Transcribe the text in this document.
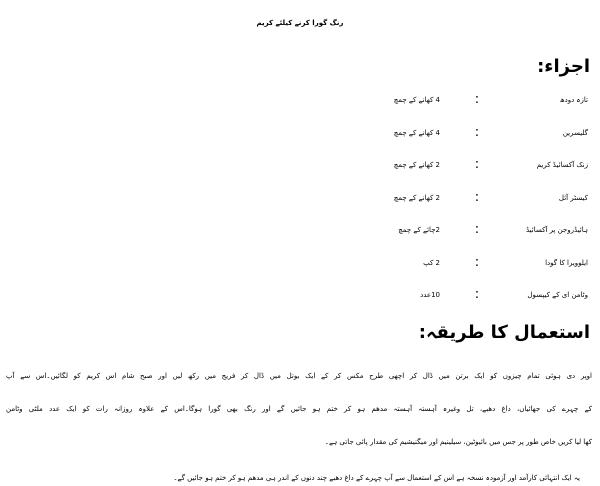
رنگ گورا کرنے کیلئے کریم
اجزاء:
تازہ دودھ
:
4 کھانے کے چمچ
گلیسرین
:
4 کھانے کے چمچ
زنک آکسائیڈ کریم
:
2 کھانے کے چمچ
کیسٹر آئل
:
2 کھانے کے چمچ
ہائیڈروجن پر آکسائیڈ
:
2چائے کے چمچ
ایلوویرا کا گودا
:
2 کپ
وٹامن ای کے کیپسول
:
10عدد
استعمال کا طریقہ:
اوپر دی ہوئی تمام چیزوں کو ایک برتن میں ڈال کر اچھی طرح مکس کر کے ایک بوتل میں ڈال کر فریج میں رکھ لیں اور صبح شام اس کریم کو لگائیں۔اس سے آپ
کے چہرے کی جھائیاں، داغ دھبے، تل وغیرہ آہستہ آہستہ مدھم ہو کر ختم ہو جائیں گے اور رنگ بھی گورا ہوگا۔اس کے علاوہ روزانہ رات کو ایک عدد ملٹی وٹامن
کھا لیا کریں خاص طور پر جس میں بائیوٹین، سیلینیم اور میگنیشیم کی مقدار پائی جاتی ہے۔
یہ ایک انتہائی کارآمد اور آزمودہ نسخہ ہے اس کے استعمال سے آپ چہرے کے داغ دھبے چند دنوں کے اندر ہی مدھم ہو کر ختم ہو جائیں گے۔
